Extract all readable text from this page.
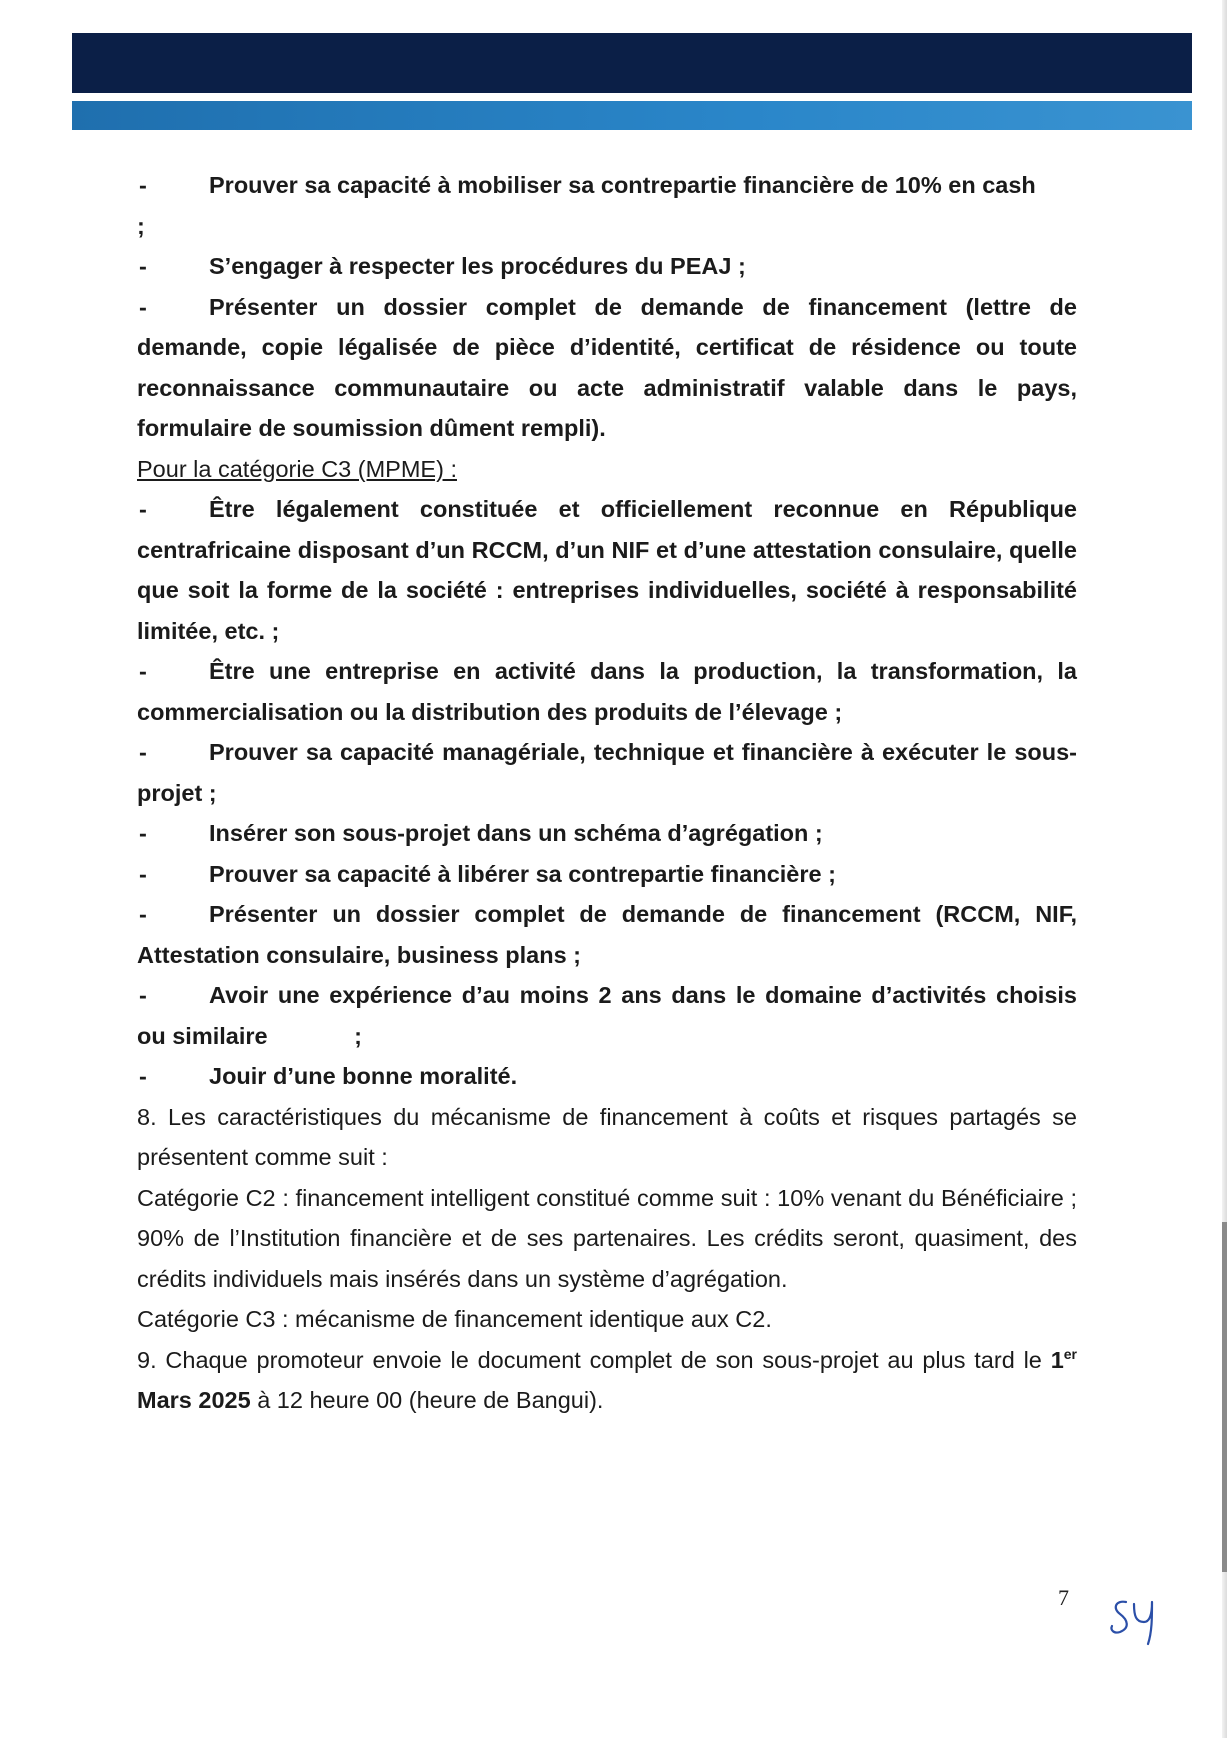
-	Prouver sa capacité à mobiliser sa contrepartie financière de 10% en cash
;
-	S’engager à respecter les procédures du PEAJ ;
-	Présenter un dossier complet de demande de financement (lettre de demande, copie légalisée de pièce d’identité, certificat de résidence ou toute reconnaissance communautaire ou acte administratif valable dans le pays, formulaire de soumission dûment rempli).
Pour la catégorie C3 (MPME) :
-	Être légalement constituée et officiellement reconnue en République centrafricaine disposant d’un RCCM, d’un NIF et d’une attestation consulaire, quelle que soit la forme de la société : entreprises individuelles, société à responsabilité limitée, etc. ;
-	Être une entreprise en activité dans la production, la transformation, la commercialisation ou la distribution des produits de l’élevage ;
-	Prouver sa capacité managériale, technique et financière à exécuter le sous-projet ;
-	Insérer son sous-projet dans un schéma d’agrégation ;
-	Prouver sa capacité à libérer sa contrepartie financière ;
-	Présenter un dossier complet de demande de financement (RCCM, NIF, Attestation consulaire, business plans ;
-	Avoir une expérience d’au moins 2 ans dans le domaine d’activités choisis ou similaire	;
-	Jouir d’une bonne moralité.
8. Les caractéristiques du mécanisme de financement à coûts et risques partagés se présentent comme suit :
Catégorie C2 : financement intelligent constitué comme suit : 10% venant du Bénéficiaire ; 90% de l’Institution financière et de ses partenaires. Les crédits seront, quasiment, des crédits individuels mais insérés dans un système d’agrégation.
Catégorie C3 : mécanisme de financement identique aux C2.
9. Chaque promoteur envoie le document complet de son sous-projet au plus tard le 1er Mars 2025 à 12 heure 00 (heure de Bangui).
7
